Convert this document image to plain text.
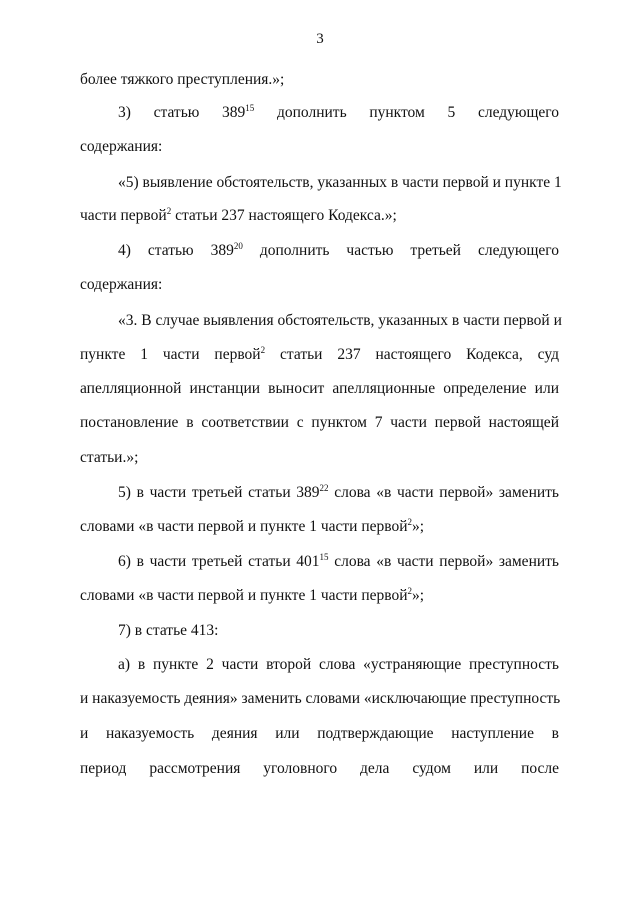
3
более тяжкого преступления.»;
3) статью $389^{15}$ дополнить пунктом 5 следующего
содержания:
«5) выявление обстоятельств, указанных в части первой и пункте 1
части первой$^2$ статьи 237 настоящего Кодекса.»;
4) статью $389^{20}$ дополнить частью третьей следующего
содержания:
«3. В случае выявления обстоятельств, указанных в части первой и
пункте 1 части первой$^2$ статьи 237 настоящего Кодекса, суд
апелляционной инстанции выносит апелляционные определение или
постановление в соответствии с пунктом 7 части первой настоящей
статьи.»;
5) в части третьей статьи $389^{22}$ слова «в части первой» заменить
словами «в части первой и пункте 1 части первой$^2$»;
6) в части третьей статьи $401^{15}$ слова «в части первой» заменить
словами «в части первой и пункте 1 части первой$^2$»;
7) в статье 413:
а) в пункте 2 части второй слова «устраняющие преступность
и наказуемость деяния» заменить словами «исключающие преступность
и наказуемость деяния или подтверждающие наступление в
период рассмотрения уголовного дела судом или после
